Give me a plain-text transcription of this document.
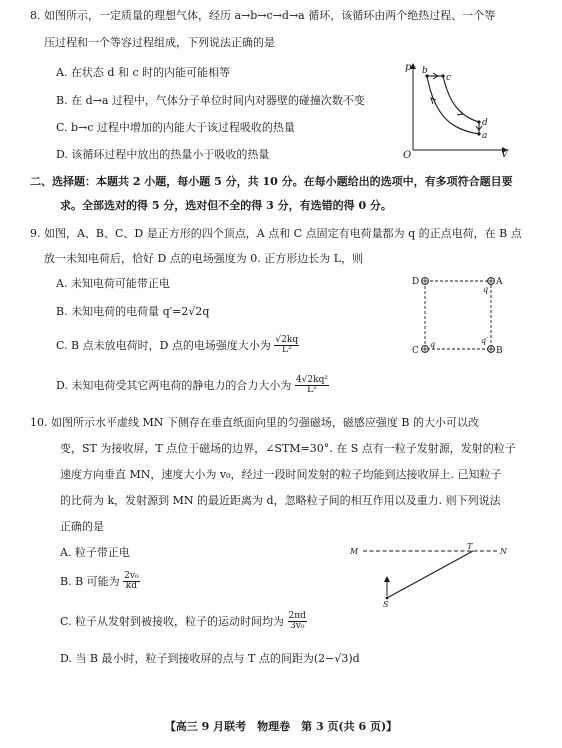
8. 如图所示，一定质量的理想气体，经历 a→b→c→d→a 循环，该循环由两个绝热过程、一个等
压过程和一个等容过程组成，下列说法正确的是
A. 在状态 d 和 c 时的内能可能相等
B. 在 d→a 过程中，气体分子单位时间内对器壁的碰撞次数不变
C. b→c 过程中增加的内能大于该过程吸收的热量
D. 该循环过程中放出的热量小于吸收的热量
p
V
O
b
c
d
a
二、选择题：本题共 2 小题，每小题 5 分，共 10 分。在每小题给出的选项中，有多项符合题目要
求。全部选对的得 5 分，选对但不全的得 3 分，有选错的得 0 分。
9. 如图，A、B、C、D 是正方形的四个顶点，A 点和 C 点固定有电荷量都为 q 的正点电荷，在 B 点
放一未知电荷后，恰好 D 点的电场强度为 0. 正方形边长为 L，则
A. 未知电荷可能带正电
B. 未知电荷的电荷量 q′=2√2q
C. B 点未放电荷时，D 点的电场强度大小为 $\frac{√2kq}{\text{L²}}$
D. 未知电荷受其它两电荷的静电力的合力大小为 $\frac{\text{4√2kq²}}{\text{L²}}$
D	A
C	B
q
q	q′
10. 如图所示水平虚线 MN 下侧存在垂直纸面向里的匀强磁场，磁感应强度 B 的大小可以改
变，ST 为接收屏，T 点位于磁场的边界，∠STM=30°. 在 S 点有一粒子发射源，发射的粒子
速度方向垂直 MN，速度大小为 v₀，经过一段时间发射的粒子均能到达接收屏上. 已知粒子
的比荷为 k，发射源到 MN 的最近距离为 d，忽略粒子间的相互作用以及重力. 则下列说法
正确的是
A. 粒子带正电
B. B 可能为 $\frac{\text{2v₀}}{kd}$
C. 粒子从发射到被接收，粒子的运动时间均为 $\frac{2\pi d}{\text{3v₀}}$
D. 当 B 最小时，粒子到接收屏的点与 T 点的间距为(2−√3)d
M	N
T
S
【高三 9 月联考　物理卷　第 3 页(共 6 页)】
